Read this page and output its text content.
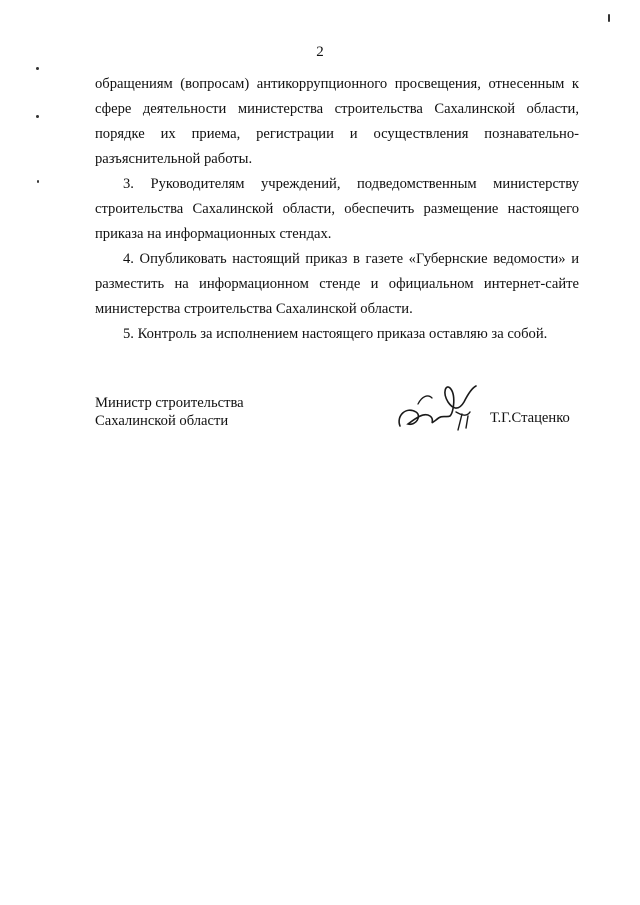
2

обращениям (вопросам) антикоррупционного просвещения, отнесенным к сфере деятельности министерства строительства Сахалинской области, порядке их приема, регистрации и осуществления познавательно-разъяснительной работы.

3. Руководителям учреждений, подведомственным министерству строительства Сахалинской области, обеспечить размещение настоящего приказа на информационных стендах.

4. Опубликовать настоящий приказ в газете «Губернские ведомости» и разместить на информационном стенде и официальном интернет-сайте министерства строительства Сахалинской области.

5. Контроль за исполнением настоящего приказа оставляю за собой.

Министр строительства
Сахалинской области	Т.Г.Стаценко
